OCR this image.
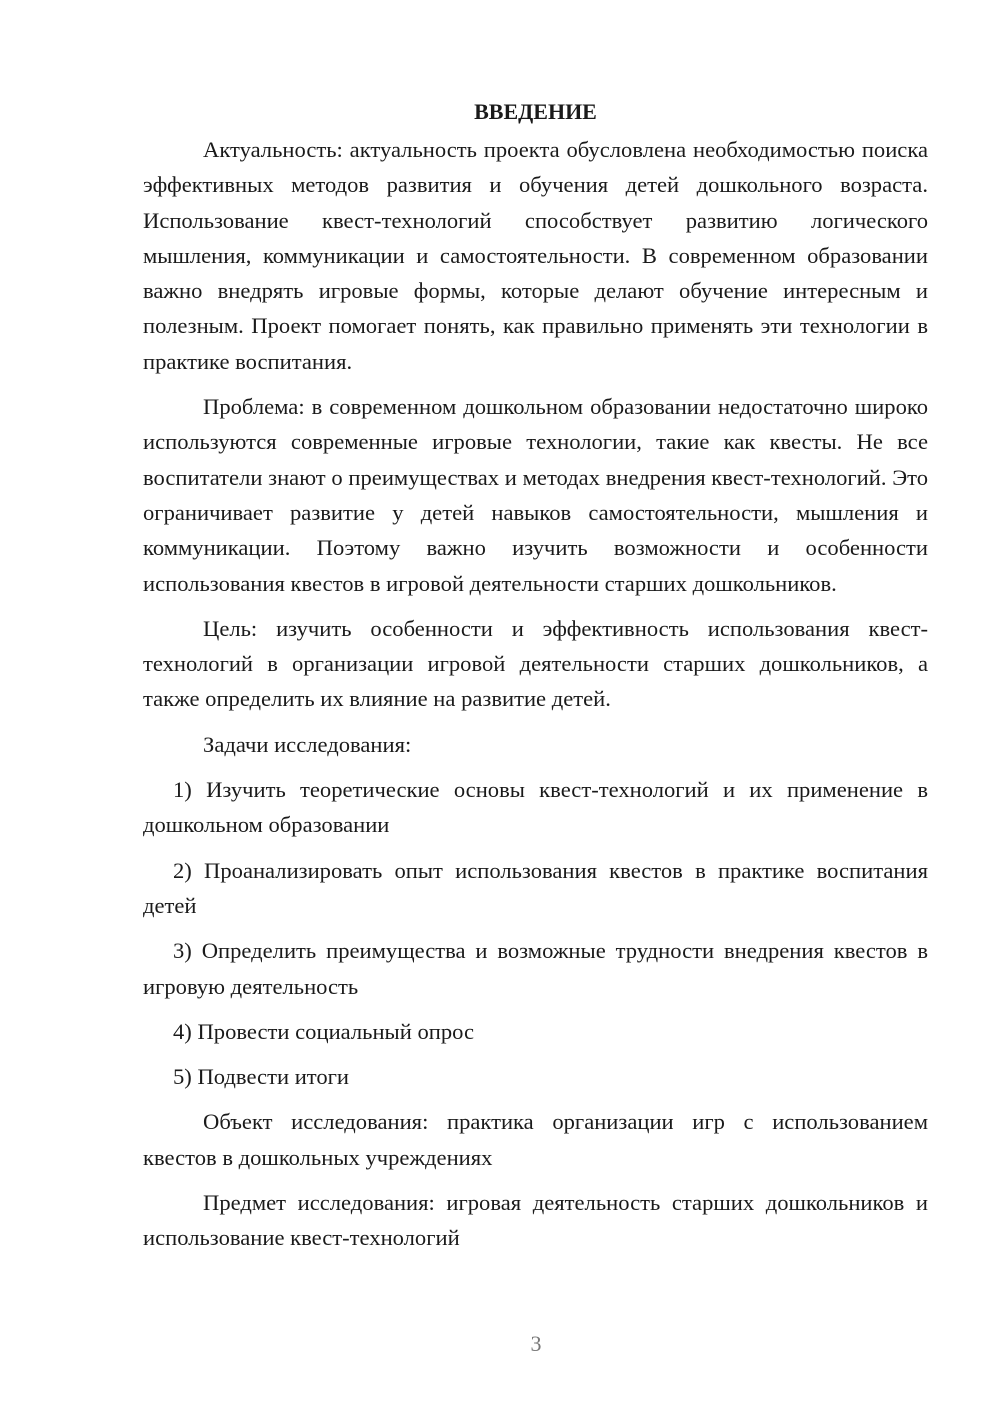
ВВЕДЕНИЕ

Актуальность: актуальность проекта обусловлена необходимостью поиска эффективных методов развития и обучения детей дошкольного возраста. Использование квест-технологий способствует развитию логического мышления, коммуникации и самостоятельности. В современном образовании важно внедрять игровые формы, которые делают обучение интересным и полезным. Проект помогает понять, как правильно применять эти технологии в практике воспитания.

Проблема: в современном дошкольном образовании недостаточно широко используются современные игровые технологии, такие как квесты. Не все воспитатели знают о преимуществах и методах внедрения квест-технологий. Это ограничивает развитие у детей навыков самостоятельности, мышления и коммуникации. Поэтому важно изучить возможности и особенности использования квестов в игровой деятельности старших дошкольников.

Цель: изучить особенности и эффективность использования квест-технологий в организации игровой деятельности старших дошкольников, а также определить их влияние на развитие детей.

Задачи исследования:

1) Изучить теоретические основы квест-технологий и их применение в дошкольном образовании

2) Проанализировать опыт использования квестов в практике воспитания детей

3) Определить преимущества и возможные трудности внедрения квестов в игровую деятельность

4) Провести социальный опрос

5) Подвести итоги

Объект исследования: практика организации игр с использованием квестов в дошкольных учреждениях

Предмет исследования: игровая деятельность старших дошкольников и использование квест-технологий

3
